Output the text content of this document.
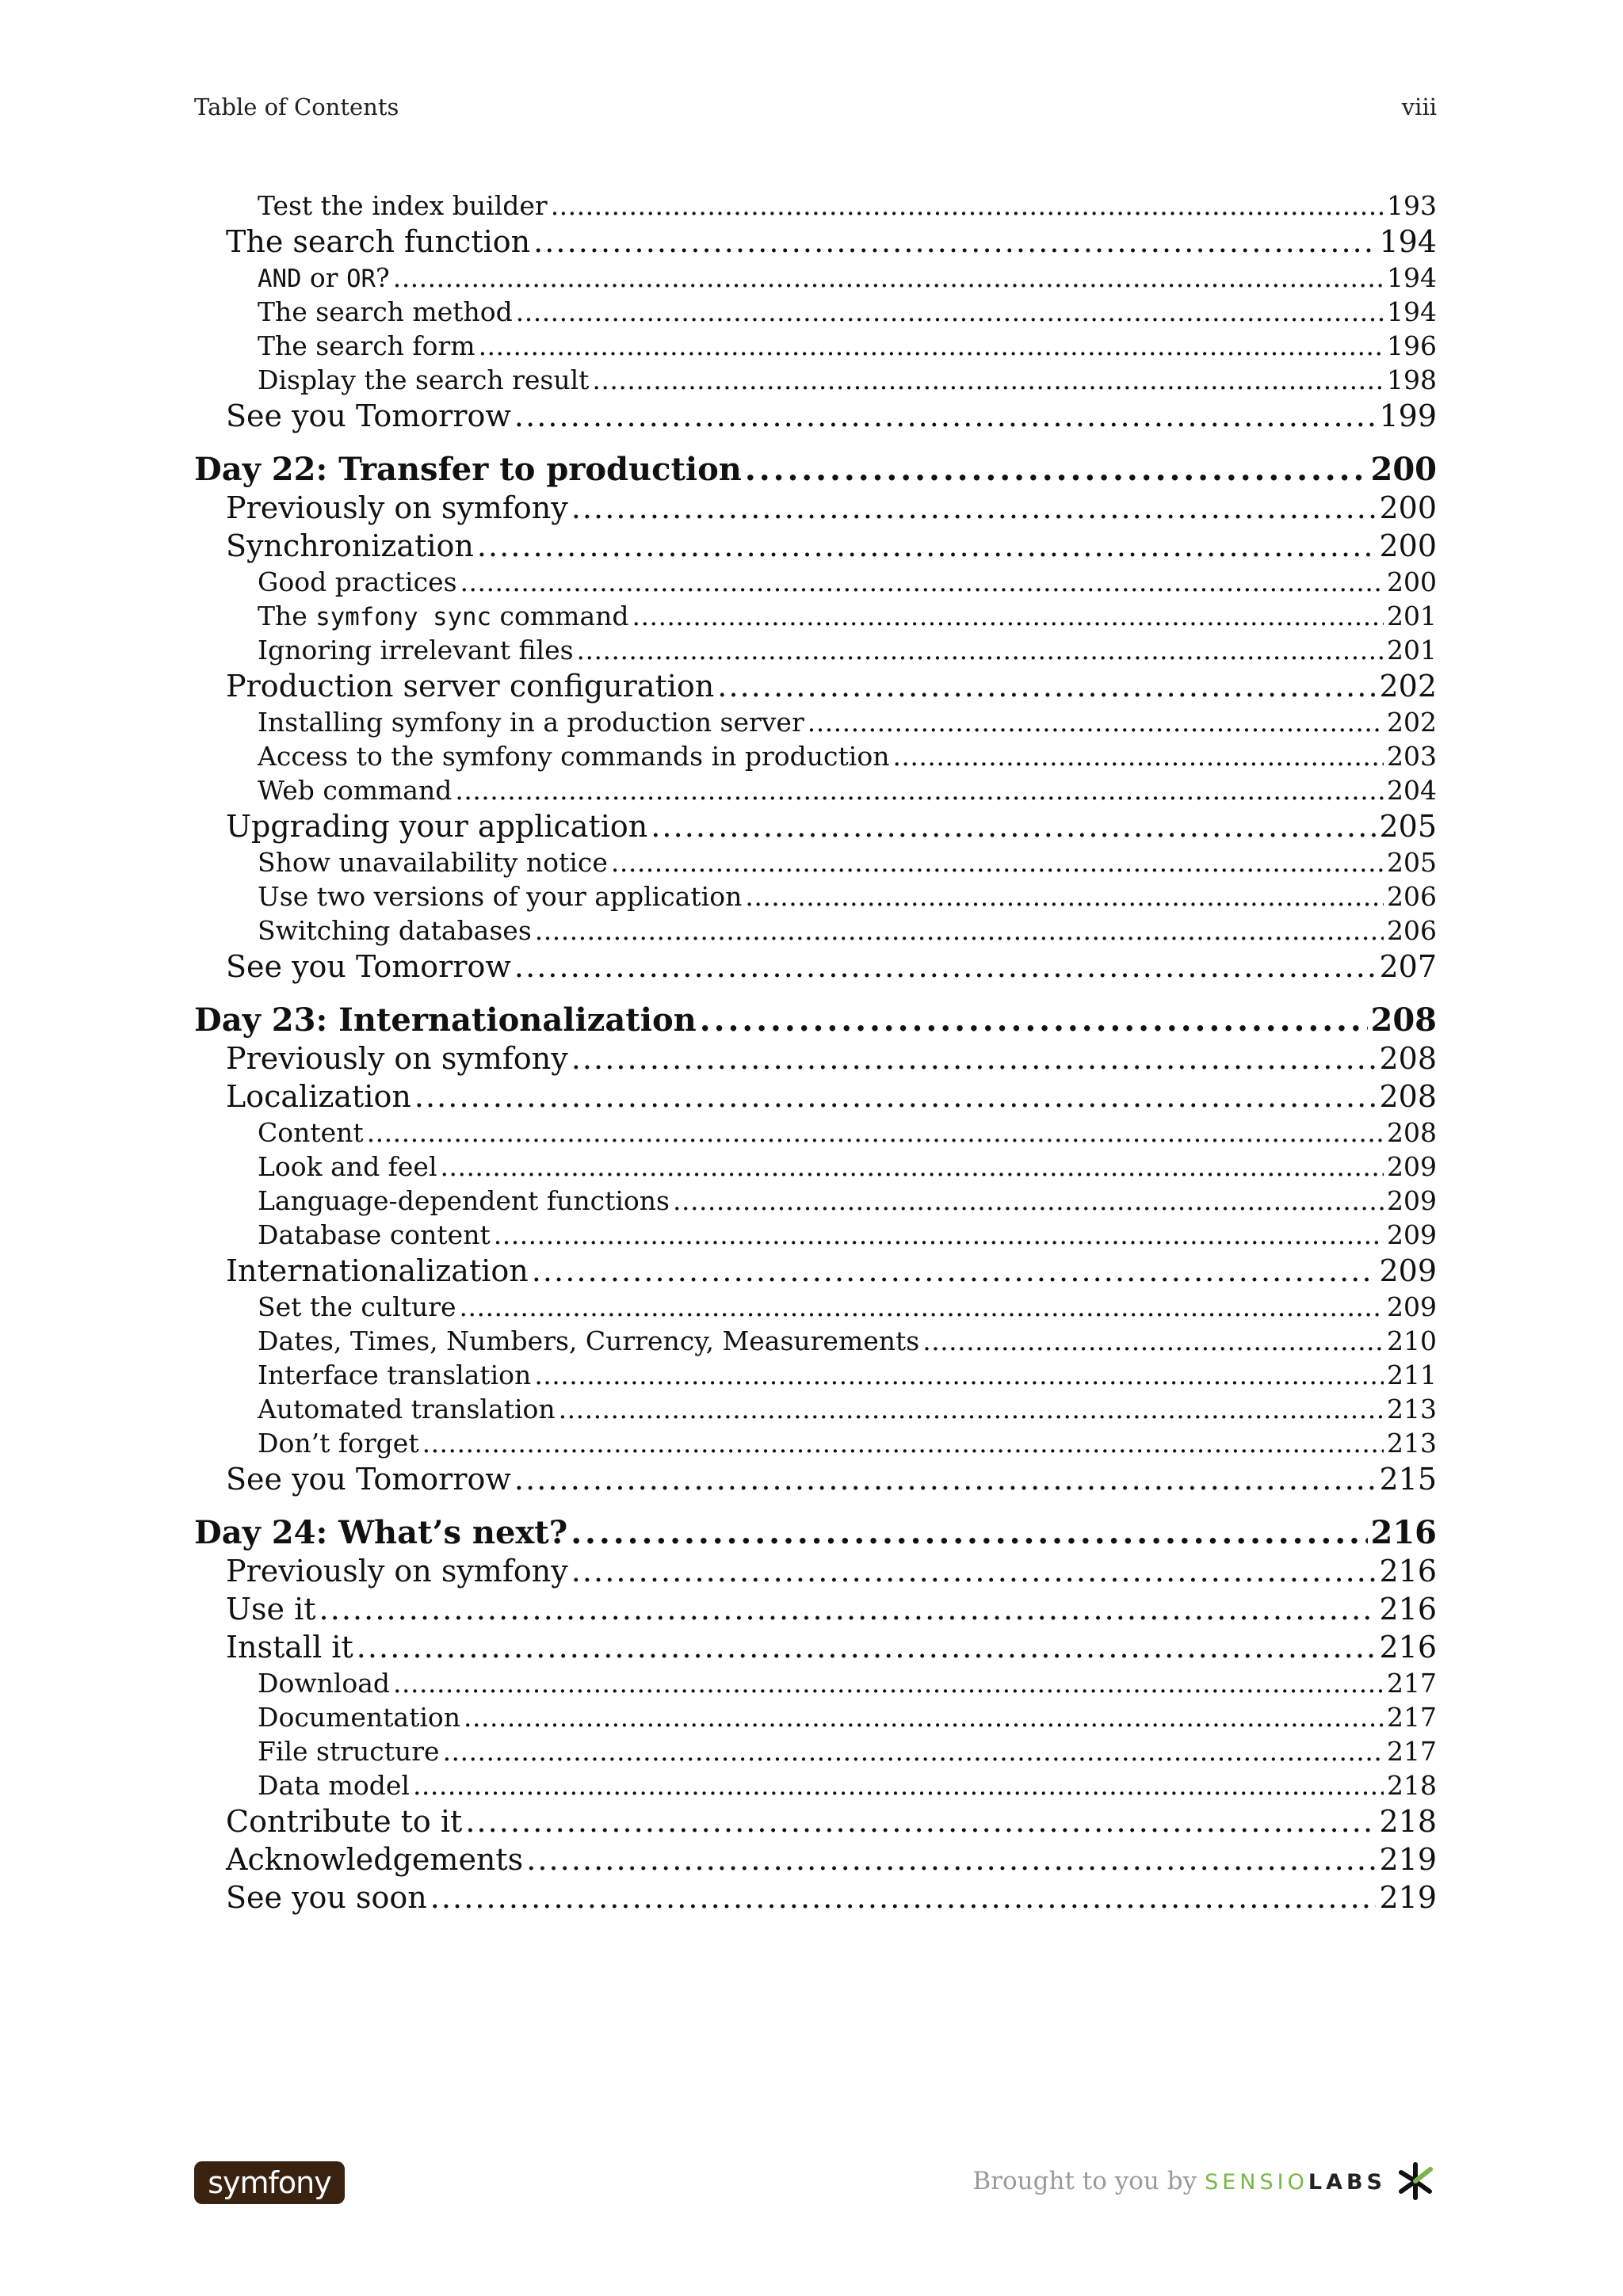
Table of Contents	viii
Test the index builder . . .	193
The search function . . .	194
AND or OR? . . .	194
The search method . . .	194
The search form . . .	196
Display the search result . . .	198
See you Tomorrow . . .	199
Day 22: Transfer to production . . .	200
Previously on symfony . . .	200
Synchronization . . .	200
Good practices . . .	200
The symfony sync command . . .	201
Ignoring irrelevant files . . .	201
Production server configuration . . .	202
Installing symfony in a production server . . .	202
Access to the symfony commands in production . . .	203
Web command . . .	204
Upgrading your application . . .	205
Show unavailability notice . . .	205
Use two versions of your application . . .	206
Switching databases . . .	206
See you Tomorrow . . .	207
Day 23: Internationalization . . .	208
Previously on symfony . . .	208
Localization . . .	208
Content . . .	208
Look and feel . . .	209
Language-dependent functions . . .	209
Database content . . .	209
Internationalization . . .	209
Set the culture . . .	209
Dates, Times, Numbers, Currency, Measurements . . .	210
Interface translation . . .	211
Automated translation . . .	213
Don’t forget . . .	213
See you Tomorrow . . .	215
Day 24: What’s next? . . .	216
Previously on symfony . . .	216
Use it . . .	216
Install it . . .	216
Download . . .	217
Documentation . . .	217
File structure . . .	217
Data model . . .	218
Contribute to it . . .	218
Acknowledgements . . .	219
See you soon . . .	219
symfony	Brought to you by SENSIOLABS
